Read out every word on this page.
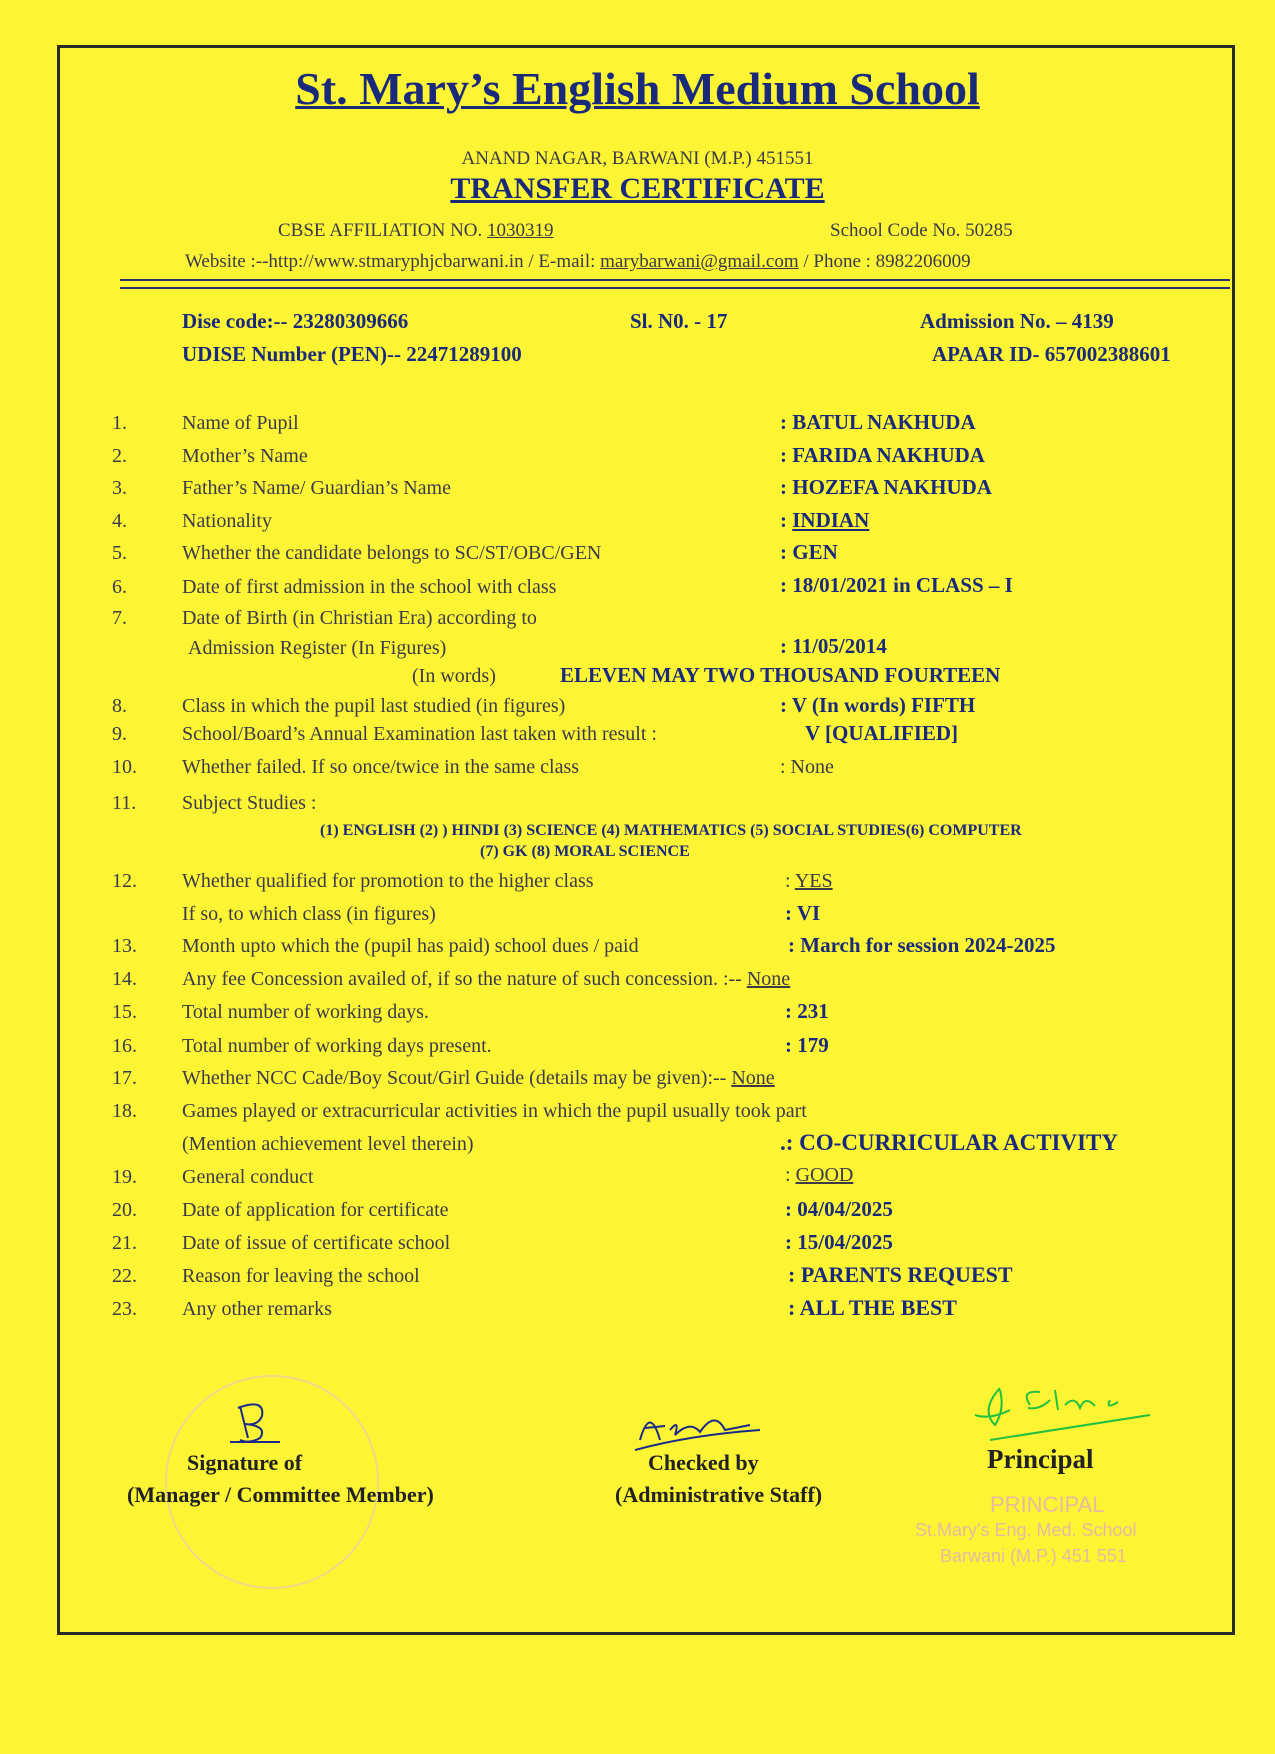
St. Mary’s English Medium School
ANAND NAGAR, BARWANI (M.P.) 451551
TRANSFER CERTIFICATE
CBSE AFFILIATION NO. 1030319	School Code No. 50285
Website :--http://www.stmaryphjcbarwani.in / E-mail: marybarwani@gmail.com / Phone : 8982206009
Dise code:-- 23280309666	Sl. N0. - 17	Admission No. – 4139
UDISE Number (PEN)-- 22471289100	APAAR ID- 657002388601
1.	Name of Pupil	: BATUL NAKHUDA
2.	Mother’s Name	: FARIDA NAKHUDA
3.	Father’s Name/ Guardian’s Name	: HOZEFA NAKHUDA
4.	Nationality	: INDIAN
5.	Whether the candidate belongs to SC/ST/OBC/GEN	: GEN
6.	Date of first admission in the school with class	: 18/01/2021 in CLASS – I
7.	Date of Birth (in Christian Era) according to
Admission Register (In Figures)	: 11/05/2014
(In words)	ELEVEN MAY TWO THOUSAND FOURTEEN
8.	Class in which the pupil last studied (in figures)	: V (In words) FIFTH
9.	School/Board’s Annual Examination last taken with result :	V [QUALIFIED]
10. Whether failed. If so once/twice in the same class	: None
11. Subject Studies :
(1) ENGLISH (2) ) HINDI (3) SCIENCE (4) MATHEMATICS (5) SOCIAL STUDIES(6) COMPUTER
(7) GK (8) MORAL SCIENCE
12. Whether qualified for promotion to the higher class	: YES
If so, to which class (in figures)	: VI
13. Month upto which the (pupil has paid) school dues / paid	: March for session 2024-2025
14. Any fee Concession availed of, if so the nature of such concession. :-- None
15. Total number of working days.	: 231
16. Total number of working days present.	: 179
17. Whether NCC Cade/Boy Scout/Girl Guide (details may be given):-- None
18. Games played or extracurricular activities in which the pupil usually took part
(Mention achievement level therein)	.: CO-CURRICULAR ACTIVITY
19. General conduct	: GOOD
20. Date of application for certificate	: 04/04/2025
21. Date of issue of certificate school	: 15/04/2025
22. Reason for leaving the school	: PARENTS REQUEST
23. Any other remarks	: ALL THE BEST
Signature of
(Manager / Committee Member)
Checked by
(Administrative Staff)
Principal
PRINCIPAL
St.Mary's Eng. Med. School
Barwani (M.P.) 451 551
